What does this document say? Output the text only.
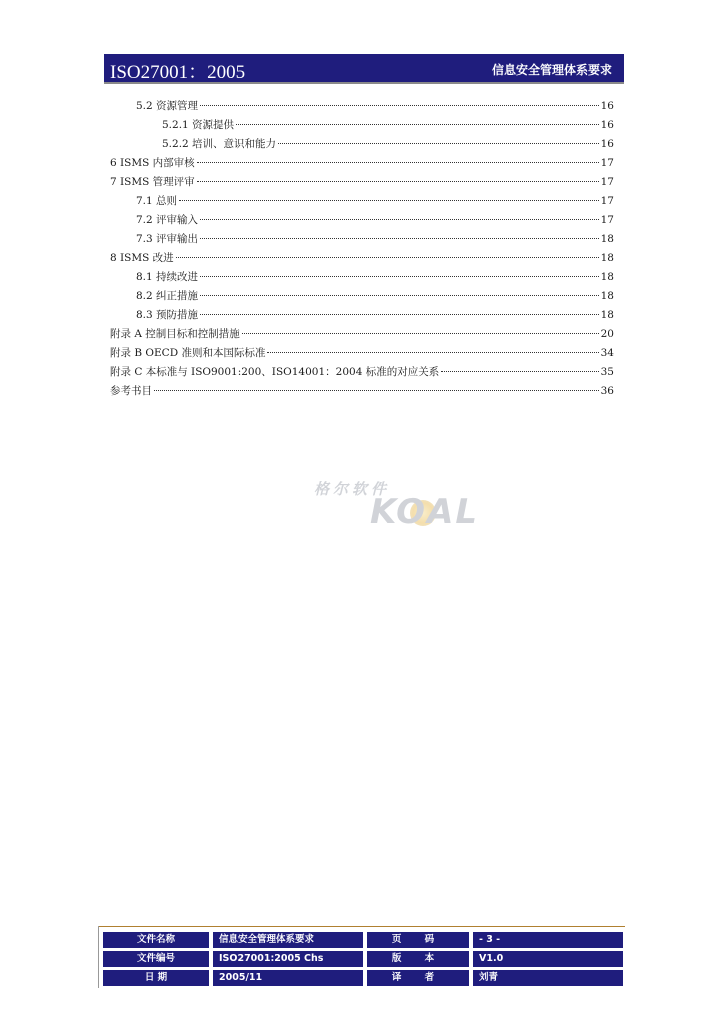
ISO27001：2005	信息安全管理体系要求
5.2 资源管理	16
5.2.1 资源提供	16
5.2.2 培训、意识和能力	16
6 ISMS 内部审核	17
7 ISMS 管理评审	17
7.1 总则	17
7.2 评审输入	17
7.3 评审输出	18
8 ISMS 改进	18
8.1 持续改进	18
8.2 纠正措施	18
8.3 预防措施	18
附录 A 控制目标和控制措施	20
附录 B OECD 准则和本国际标准	34
附录 C 本标准与 ISO9001:200、ISO14001：2004 标准的对应关系	35
参考书目	36
格尔软件
KOAL
文件名称	信息安全管理体系要求	页 码	- 3 -
文件编号	ISO27001:2005 Chs	版 本	V1.0
日 期	2005/11	译 者	刘青
